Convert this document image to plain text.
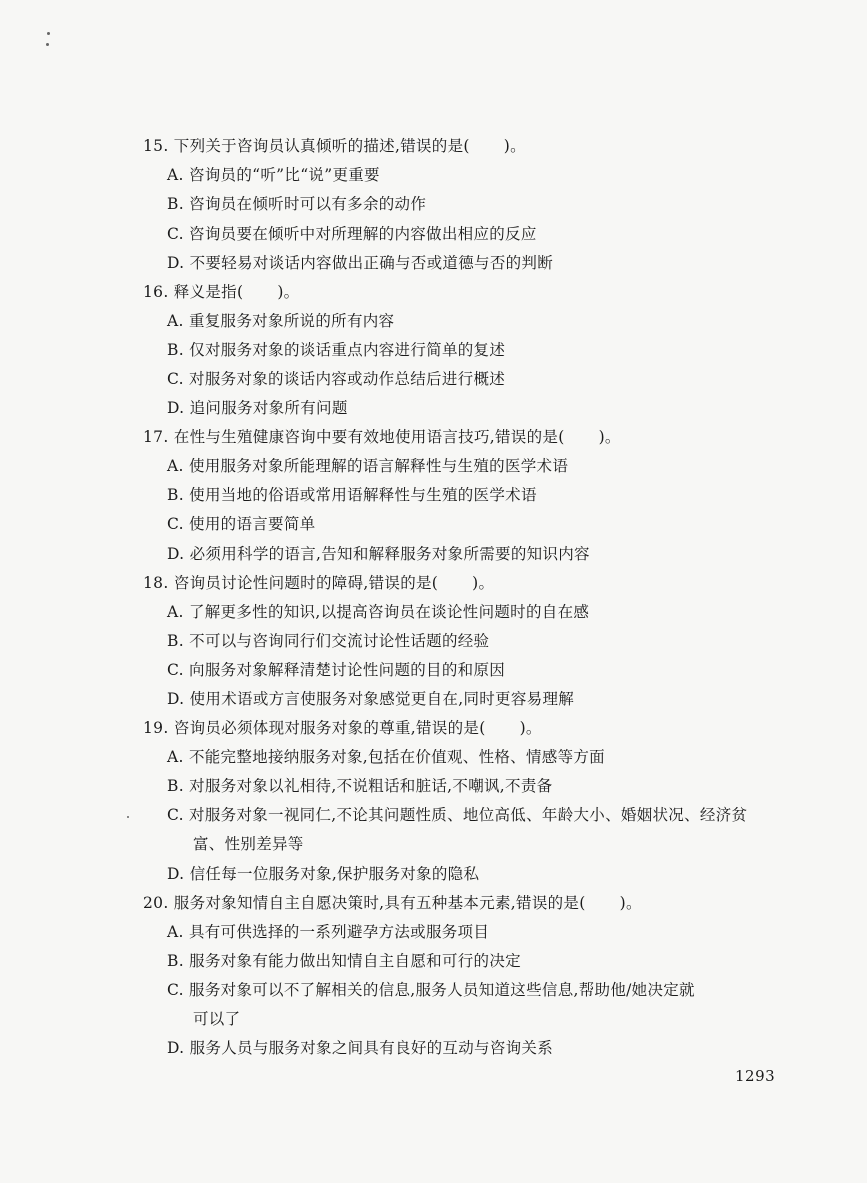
15. 下列关于咨询员认真倾听的描述,错误的是( )。
A. 咨询员的“听”比“说”更重要
B. 咨询员在倾听时可以有多余的动作
C. 咨询员要在倾听中对所理解的内容做出相应的反应
D. 不要轻易对谈话内容做出正确与否或道德与否的判断
16. 释义是指( )。
A. 重复服务对象所说的所有内容
B. 仅对服务对象的谈话重点内容进行简单的复述
C. 对服务对象的谈话内容或动作总结后进行概述
D. 追问服务对象所有问题
17. 在性与生殖健康咨询中要有效地使用语言技巧,错误的是( )。
A. 使用服务对象所能理解的语言解释性与生殖的医学术语
B. 使用当地的俗语或常用语解释性与生殖的医学术语
C. 使用的语言要简单
D. 必须用科学的语言,告知和解释服务对象所需要的知识内容
18. 咨询员讨论性问题时的障碍,错误的是( )。
A. 了解更多性的知识,以提高咨询员在谈论性问题时的自在感
B. 不可以与咨询同行们交流讨论性话题的经验
C. 向服务对象解释清楚讨论性问题的目的和原因
D. 使用术语或方言使服务对象感觉更自在,同时更容易理解
19. 咨询员必须体现对服务对象的尊重,错误的是( )。
A. 不能完整地接纳服务对象,包括在价值观、性格、情感等方面
B. 对服务对象以礼相待,不说粗话和脏话,不嘲讽,不责备
C. 对服务对象一视同仁,不论其问题性质、地位高低、年龄大小、婚姻状况、经济贫
富、性别差异等
D. 信任每一位服务对象,保护服务对象的隐私
20. 服务对象知情自主自愿决策时,具有五种基本元素,错误的是( )。
A. 具有可供选择的一系列避孕方法或服务项目
B. 服务对象有能力做出知情自主自愿和可行的决定
C. 服务对象可以不了解相关的信息,服务人员知道这些信息,帮助他/她决定就
可以了
D. 服务人员与服务对象之间具有良好的互动与咨询关系
1293
